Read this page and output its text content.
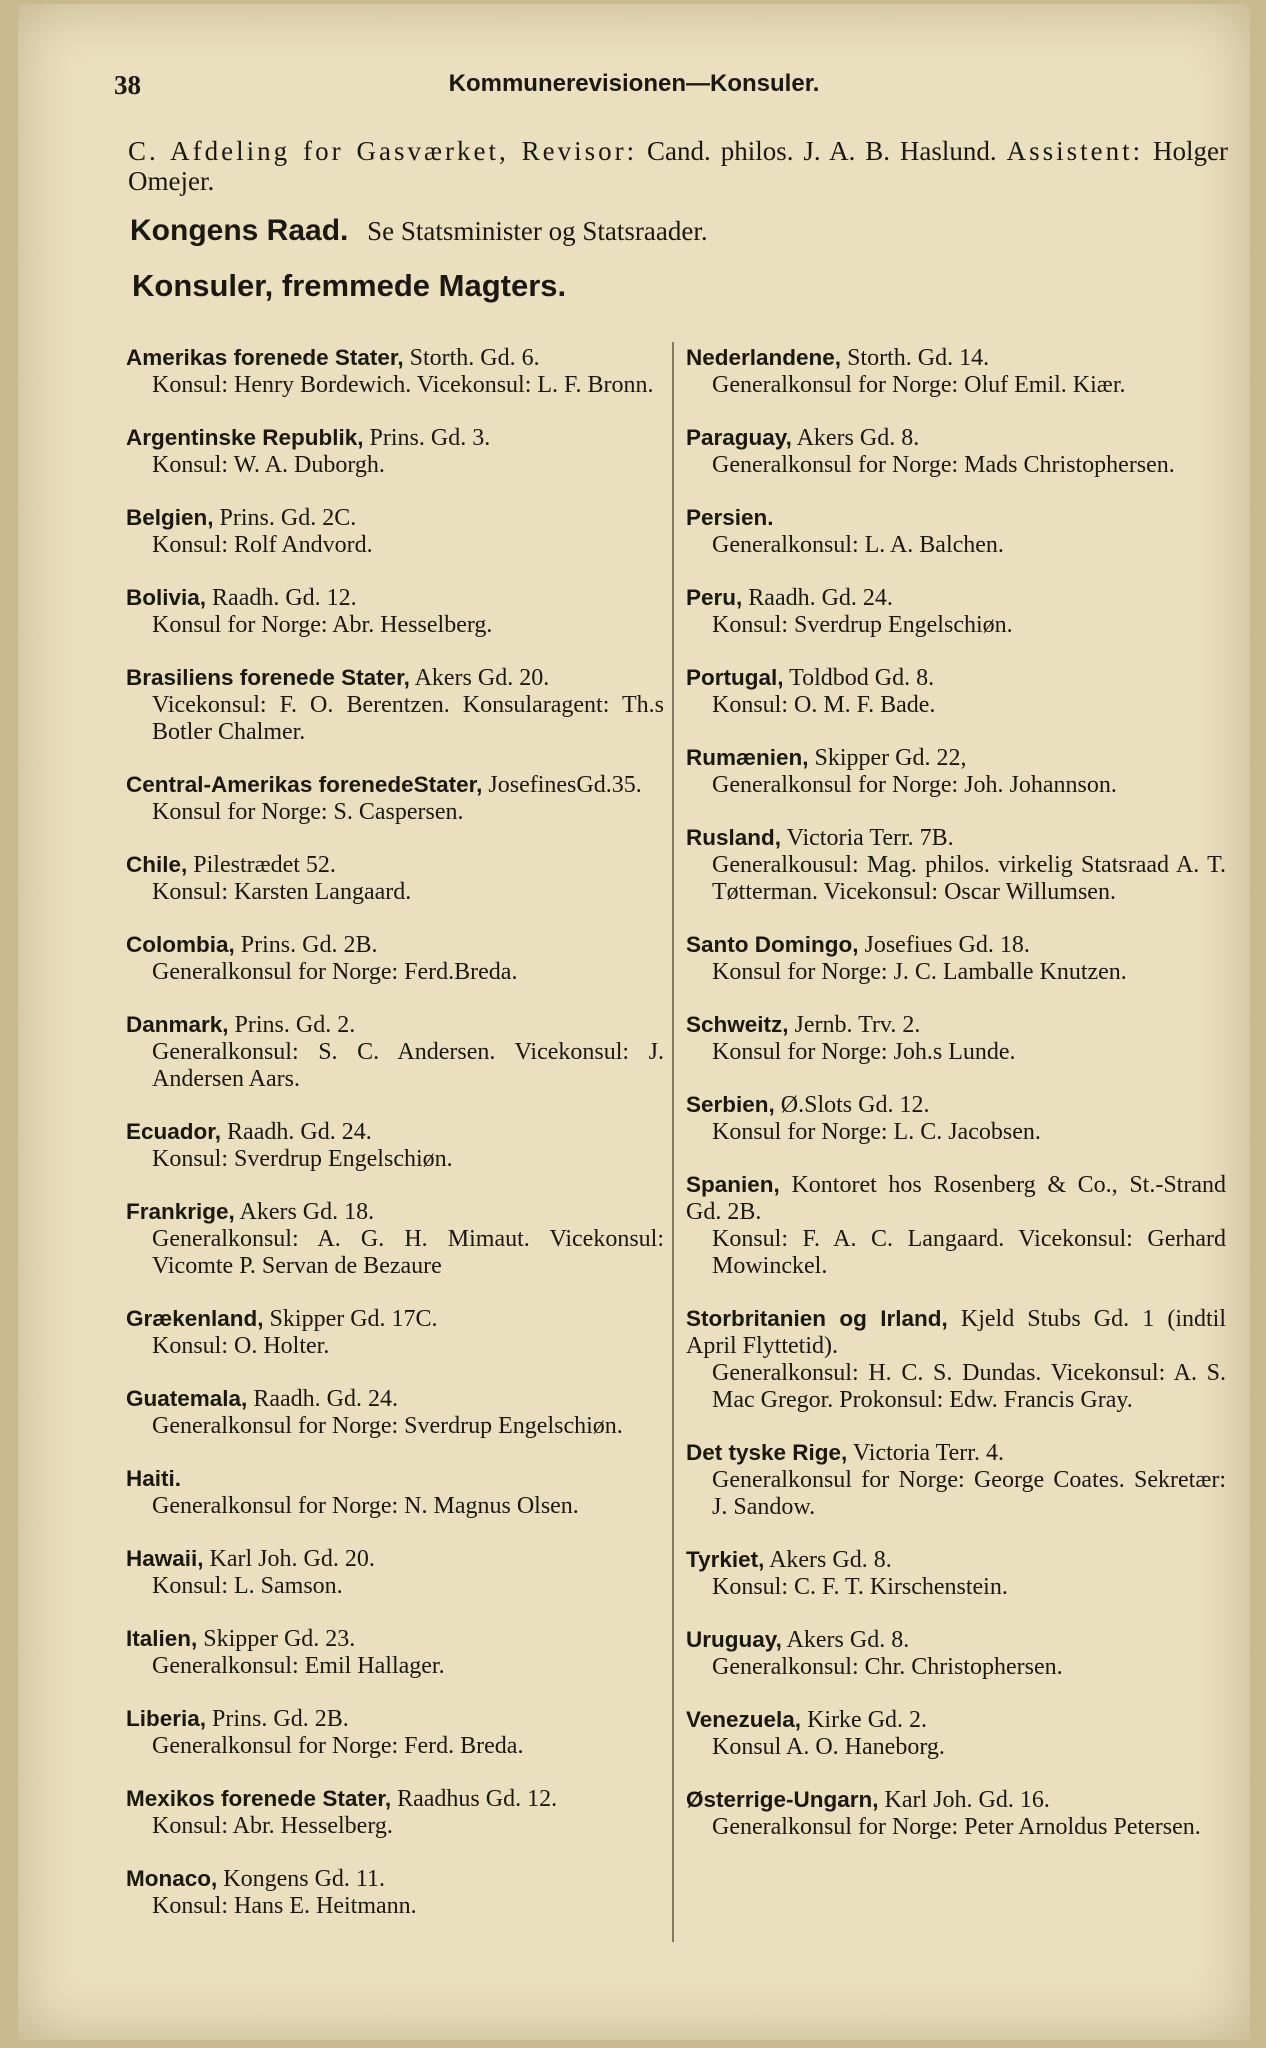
38	Kommunerevisionen—Konsuler.
C. Afdeling for Gasværket, Revisor: Cand. philos. J. A. B. Haslund. Assistent: Holger Omejer.
Kongens Raad. Se Statsminister og Statsraader.
Konsuler, fremmede Magters.
Amerikas forenede Stater, Storth. Gd. 6.
Konsul: Henry Bordewich. Vicekonsul: L. F. Bronn.
Argentinske Republik, Prins. Gd. 3.
Konsul: W. A. Duborgh.
Belgien, Prins. Gd. 2C.
Konsul: Rolf Andvord.
Bolivia, Raadh. Gd. 12.
Konsul for Norge: Abr. Hesselberg.
Brasiliens forenede Stater, Akers Gd. 20.
Vicekonsul: F. O. Berentzen. Konsularagent: Th.s Botler Chalmer.
Central-Amerikas forenedeStater, JosefinesGd.35.
Konsul for Norge: S. Caspersen.
Chile, Pilestrædet 52.
Konsul: Karsten Langaard.
Colombia, Prins. Gd. 2B.
Generalkonsul for Norge: Ferd.Breda.
Danmark, Prins. Gd. 2.
Generalkonsul: S. C. Andersen. Vicekonsul: J. Andersen Aars.
Ecuador, Raadh. Gd. 24.
Konsul: Sverdrup Engelschiøn.
Frankrige, Akers Gd. 18.
Generalkonsul: A. G. H. Mimaut. Vicekonsul: Vicomte P. Servan de Bezaure
Grækenland, Skipper Gd. 17C.
Konsul: O. Holter.
Guatemala, Raadh. Gd. 24.
Generalkonsul for Norge: Sverdrup Engelschiøn.
Haiti.
Generalkonsul for Norge: N. Magnus Olsen.
Hawaii, Karl Joh. Gd. 20.
Konsul: L. Samson.
Italien, Skipper Gd. 23.
Generalkonsul: Emil Hallager.
Liberia, Prins. Gd. 2B.
Generalkonsul for Norge: Ferd. Breda.
Mexikos forenede Stater, Raadhus Gd. 12.
Konsul: Abr. Hesselberg.
Monaco, Kongens Gd. 11.
Konsul: Hans E. Heitmann.
Nederlandene, Storth. Gd. 14.
Generalkonsul for Norge: Oluf Emil. Kiær.
Paraguay, Akers Gd. 8.
Generalkonsul for Norge: Mads Christophersen.
Persien.
Generalkonsul: L. A. Balchen.
Peru, Raadh. Gd. 24.
Konsul: Sverdrup Engelschiøn.
Portugal, Toldbod Gd. 8.
Konsul: O. M. F. Bade.
Rumænien, Skipper Gd. 22,
Generalkonsul for Norge: Joh. Johannson.
Rusland, Victoria Terr. 7B.
Generalkousul: Mag. philos. virkelig Statsraad A. T. Tøtterman. Vicekonsul: Oscar Willumsen.
Santo Domingo, Josefiues Gd. 18.
Konsul for Norge: J. C. Lamballe Knutzen.
Schweitz, Jernb. Trv. 2.
Konsul for Norge: Joh.s Lunde.
Serbien, Ø.Slots Gd. 12.
Konsul for Norge: L. C. Jacobsen.
Spanien, Kontoret hos Rosenberg & Co., St.-Strand Gd. 2B.
Konsul: F. A. C. Langaard. Vicekonsul: Gerhard Mowinckel.
Storbritanien og Irland, Kjeld Stubs Gd. 1 (indtil April Flyttetid).
Generalkonsul: H. C. S. Dundas. Vicekonsul: A. S. Mac Gregor. Prokonsul: Edw. Francis Gray.
Det tyske Rige, Victoria Terr. 4.
Generalkonsul for Norge: George Coates. Sekretær: J. Sandow.
Tyrkiet, Akers Gd. 8.
Konsul: C. F. T. Kirschenstein.
Uruguay, Akers Gd. 8.
Generalkonsul: Chr. Christophersen.
Venezuela, Kirke Gd. 2.
Konsul A. O. Haneborg.
Østerrige-Ungarn, Karl Joh. Gd. 16.
Generalkonsul for Norge: Peter Arnoldus Petersen.
